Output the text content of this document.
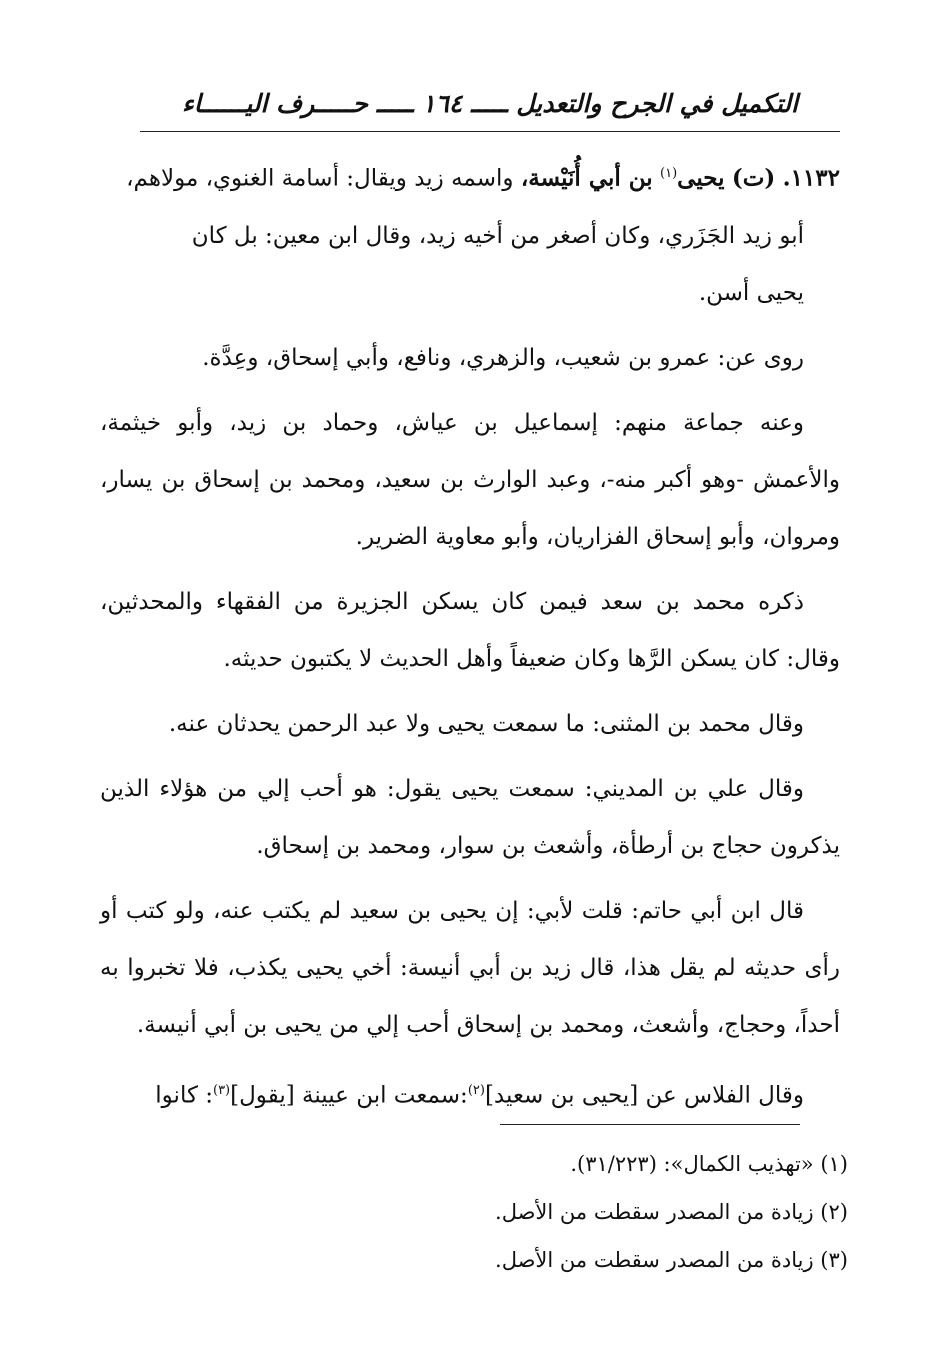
التكميل في الجرح والتعديل ـــــ ١٦٤ ـــــ حـــــرف اليــــــاء

١١٣٢. (ت) يحيى$^{(١)}$ بن أبي أُنَيْسة، واسمه زيد ويقال: أسامة الغنوي، مولاهم،
أبو زيد الجَزَري، وكان أصغر من أخيه زيد، وقال ابن معين: بل كان
يحيى أسن.

روى عن: عمرو بن شعيب، والزهري، ونافع، وأبي إسحاق، وعِدَّة.

وعنه جماعة منهم: إسماعيل بن عياش، وحماد بن زيد، وأبو خيثمة، والأعمش -وهو أكبر منه-، وعبد الوارث بن سعيد، ومحمد بن إسحاق بن يسار، ومروان، وأبو إسحاق الفزاريان، وأبو معاوية الضرير.

ذكره محمد بن سعد فيمن كان يسكن الجزيرة من الفقهاء والمحدثين، وقال: كان يسكن الرَّها وكان ضعيفاً وأهل الحديث لا يكتبون حديثه.

وقال محمد بن المثنى: ما سمعت يحيى ولا عبد الرحمن يحدثان عنه.

وقال علي بن المديني: سمعت يحيى يقول: هو أحب إلي من هؤلاء الذين يذكرون حجاج بن أرطأة، وأشعث بن سوار، ومحمد بن إسحاق.

قال ابن أبي حاتم: قلت لأبي: إن يحيى بن سعيد لم يكتب عنه، ولو كتب أو رأى حديثه لم يقل هذا، قال زيد بن أبي أنيسة: أخي يحيى يكذب، فلا تخبروا به أحداً، وحجاج، وأشعث، ومحمد بن إسحاق أحب إلي من يحيى بن أبي أنيسة.

وقال الفلاس عن [يحيى بن سعيد]$^{(٢)}$:سمعت ابن عيينة [يقول]$^{(٣)}$: كانوا

(١) «تهذيب الكمال»: (٣١/٢٢٣).

(٢) زيادة من المصدر سقطت من الأصل.

(٣) زيادة من المصدر سقطت من الأصل.
